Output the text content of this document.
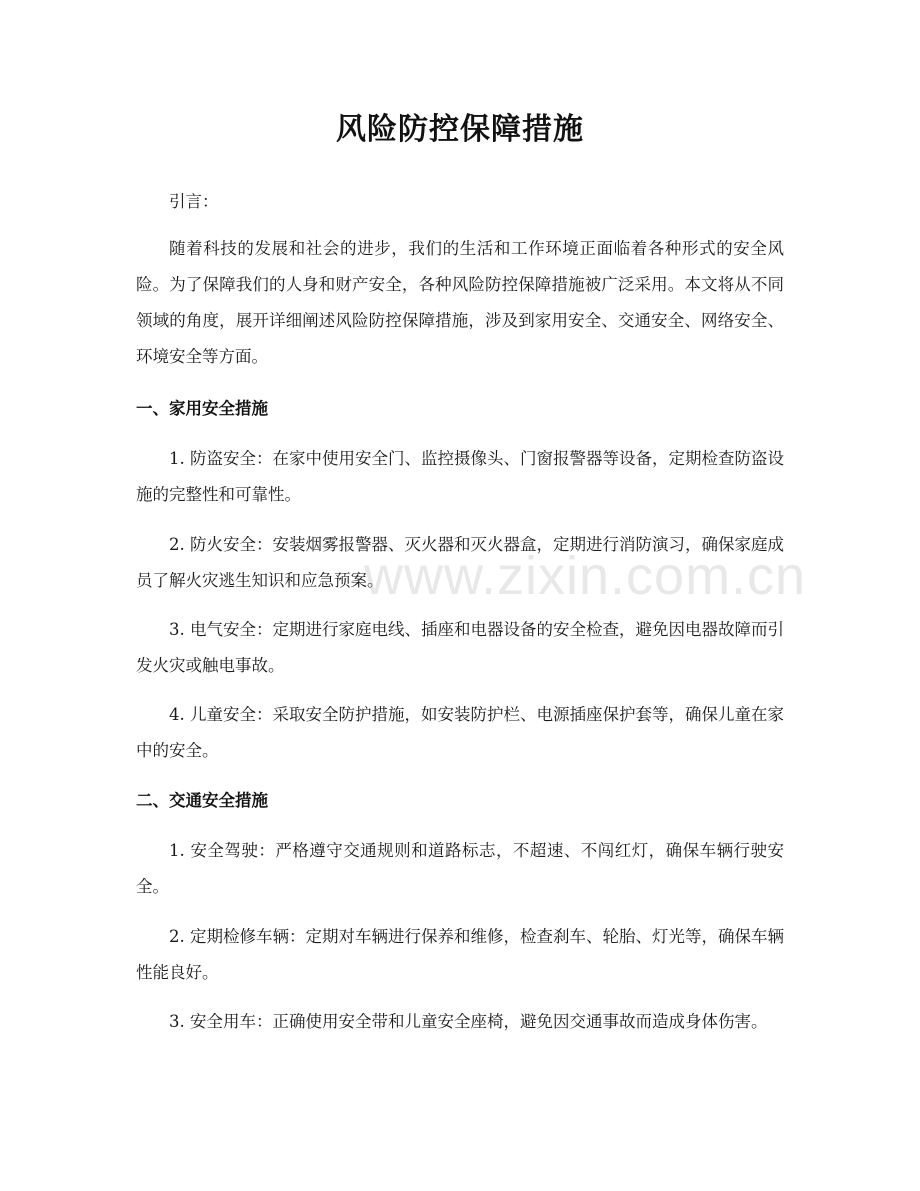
风险防控保障措施

引言：

随着科技的发展和社会的进步，我们的生活和工作环境正面临着各种形式的安全风险。为了保障我们的人身和财产安全，各种风险防控保障措施被广泛采用。本文将从不同领域的角度，展开详细阐述风险防控保障措施，涉及到家用安全、交通安全、网络安全、环境安全等方面。

一、家用安全措施

1. 防盗安全：在家中使用安全门、监控摄像头、门窗报警器等设备，定期检查防盗设施的完整性和可靠性。

2. 防火安全：安装烟雾报警器、灭火器和灭火器盒，定期进行消防演习，确保家庭成员了解火灾逃生知识和应急预案。

3. 电气安全：定期进行家庭电线、插座和电器设备的安全检查，避免因电器故障而引发火灾或触电事故。

4. 儿童安全：采取安全防护措施，如安装防护栏、电源插座保护套等，确保儿童在家中的安全。

二、交通安全措施

1. 安全驾驶：严格遵守交通规则和道路标志，不超速、不闯红灯，确保车辆行驶安全。

2. 定期检修车辆：定期对车辆进行保养和维修，检查刹车、轮胎、灯光等，确保车辆性能良好。

3. 安全用车：正确使用安全带和儿童安全座椅，避免因交通事故而造成身体伤害。

www.zixin.com.cn
